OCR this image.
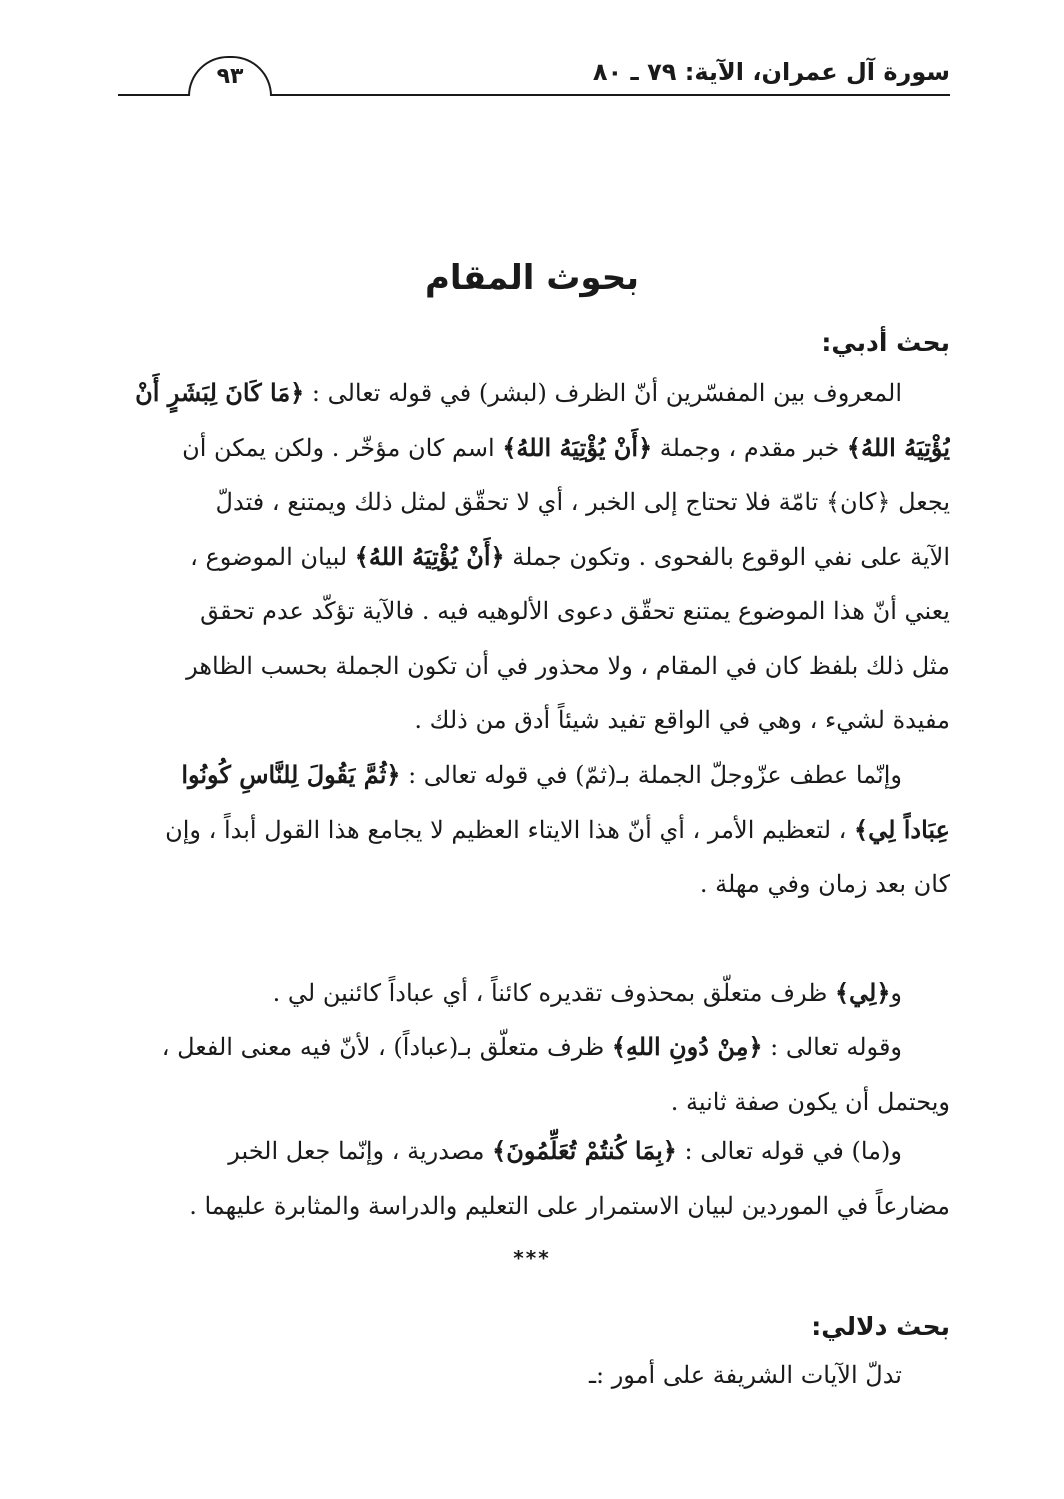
سورة آل عمران، الآية: ٧٩ ـ ٨٠
٩٣
بحوث المقام
بحث أدبي:
المعروف بين المفسّرين أنّ الظرف (لبشر) في قوله تعالى : ﴿مَا كَانَ لِبَشَرٍ أَنْ
يُؤْتِيَهُ اللهُ﴾ خبر مقدم ، وجملة ﴿أَنْ يُؤْتِيَهُ اللهُ﴾ اسم كان مؤخّر . ولكن يمكن أن
يجعل ﴿كان﴾ تامّة فلا تحتاج إلى الخبر ، أي لا تحقّق لمثل ذلك ويمتنع ، فتدلّ
الآية على نفي الوقوع بالفحوى . وتكون جملة ﴿أَنْ يُؤْتِيَهُ اللهُ﴾ لبيان الموضوع ،
يعني أنّ هذا الموضوع يمتنع تحقّق دعوى الألوهيه فيه . فالآية تؤكّد عدم تحقق
مثل ذلك بلفظ كان في المقام ، ولا محذور في أن تكون الجملة بحسب الظاهر
مفيدة لشيء ، وهي في الواقع تفيد شيئاً أدق من ذلك .
وإنّما عطف عزّوجلّ الجملة بـ(ثمّ) في قوله تعالى : ﴿ثُمَّ يَقُولَ لِلنَّاسِ كُونُوا
عِبَاداً لِي﴾ ، لتعظيم الأمر ، أي أنّ هذا الايتاء العظيم لا يجامع هذا القول أبداً ، وإن
كان بعد زمان وفي مهلة .
و﴿لِي﴾ ظرف متعلّق بمحذوف تقديره كائناً ، أي عباداً كائنين لي .
وقوله تعالى : ﴿مِنْ دُونِ اللهِ﴾ ظرف متعلّق بـ(عباداً) ، لأنّ فيه معنى الفعل ،
ويحتمل أن يكون صفة ثانية .
و(ما) في قوله تعالى : ﴿بِمَا كُنتُمْ تُعَلِّمُونَ﴾ مصدرية ، وإنّما جعل الخبر
مضارعاً في الموردين لبيان الاستمرار على التعليم والدراسة والمثابرة عليهما .
***
بحث دلالي:
تدلّ الآيات الشريفة على أمور :ـ
